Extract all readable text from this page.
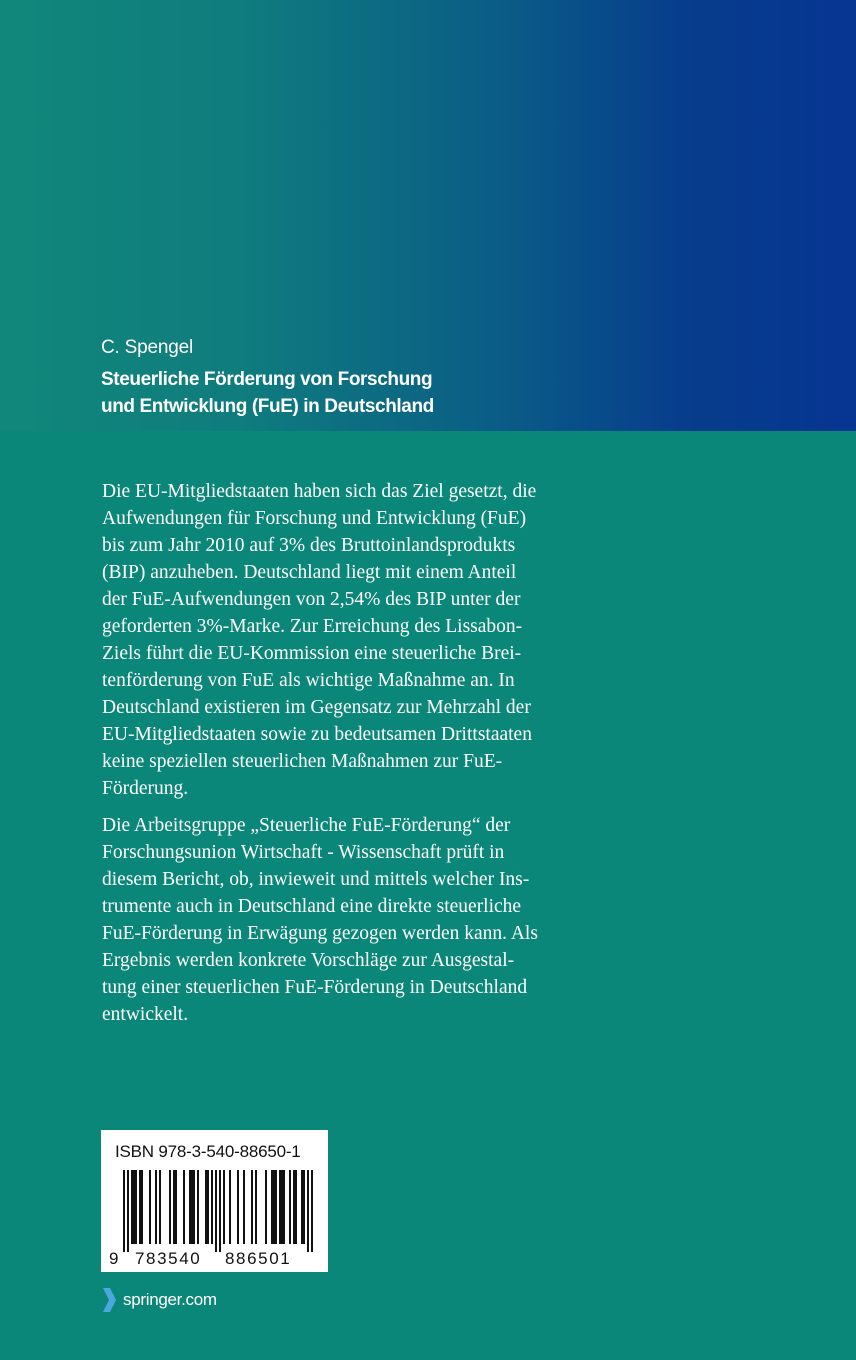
C. Spengel
Steuerliche Förderung von Forschung
und Entwicklung (FuE) in Deutschland

Die EU-Mitgliedstaaten haben sich das Ziel gesetzt, die
Aufwendungen für Forschung und Entwicklung (FuE)
bis zum Jahr 2010 auf 3% des Bruttoinlandsprodukts
(BIP) anzuheben. Deutschland liegt mit einem Anteil
der FuE-Aufwendungen von 2,54% des BIP unter der
geforderten 3%-Marke. Zur Erreichung des Lissabon-
Ziels führt die EU-Kommission eine steuerliche Brei-
tenförderung von FuE als wichtige Maßnahme an. In
Deutschland existieren im Gegensatz zur Mehrzahl der
EU-Mitgliedstaaten sowie zu bedeutsamen Drittstaaten
keine speziellen steuerlichen Maßnahmen zur FuE-
Förderung.

Die Arbeitsgruppe „Steuerliche FuE-Förderung“ der
Forschungsunion Wirtschaft - Wissenschaft prüft in
diesem Bericht, ob, inwieweit und mittels welcher Ins-
trumente auch in Deutschland eine direkte steuerliche
FuE-Förderung in Erwägung gezogen werden kann. Als
Ergebnis werden konkrete Vorschläge zur Ausgestal-
tung einer steuerlichen FuE-Förderung in Deutschland
entwickelt.

ISBN 978-3-540-88650-1
9 783540 886501
springer.com
